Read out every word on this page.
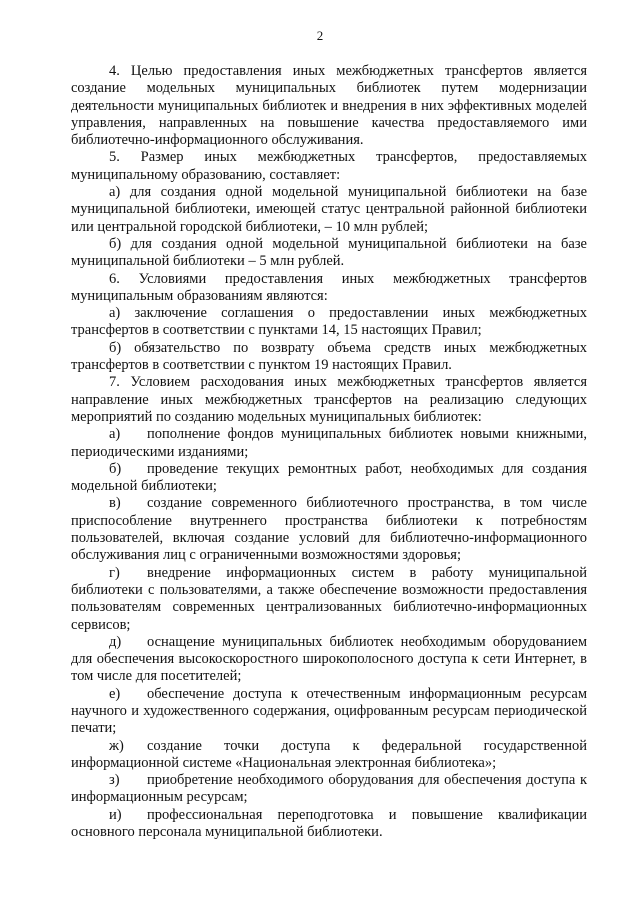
2

4. Целью предоставления иных межбюджетных трансфертов является создание модельных муниципальных библиотек путем модернизации деятельности муниципальных библиотек и внедрения в них эффективных моделей управления, направленных на повышение качества предоставляемого ими библиотечно-информационного обслуживания.

5. Размер иных межбюджетных трансфертов, предоставляемых муниципальному образованию, составляет:

а) для создания одной модельной муниципальной библиотеки на базе муниципальной библиотеки, имеющей статус центральной районной библиотеки или центральной городской библиотеки, – 10 млн рублей;

б) для создания одной модельной муниципальной библиотеки на базе муниципальной библиотеки – 5 млн рублей.

6. Условиями предоставления иных межбюджетных трансфертов муниципальным образованиям являются:

а) заключение соглашения о предоставлении иных межбюджетных трансфертов в соответствии с пунктами 14, 15 настоящих Правил;

б) обязательство по возврату объема средств иных межбюджетных трансфертов в соответствии с пунктом 19 настоящих Правил.

7. Условием расходования иных межбюджетных трансфертов является направление иных межбюджетных трансфертов на реализацию следующих мероприятий по созданию модельных муниципальных библиотек:

а) пополнение фондов муниципальных библиотек новыми книжными, периодическими изданиями;

б) проведение текущих ремонтных работ, необходимых для создания модельной библиотеки;

в) создание современного библиотечного пространства, в том числе приспособление внутреннего пространства библиотеки к потребностям пользователей, включая создание условий для библиотечно-информационного обслуживания лиц с ограниченными возможностями здоровья;

г) внедрение информационных систем в работу муниципальной библиотеки с пользователями, а также обеспечение возможности предоставления пользователям современных централизованных библиотечно-информационных сервисов;

д) оснащение муниципальных библиотек необходимым оборудованием для обеспечения высокоскоростного широкополосного доступа к сети Интернет, в том числе для посетителей;

е) обеспечение доступа к отечественным информационным ресурсам научного и художественного содержания, оцифрованным ресурсам периодической печати;

ж) создание точки доступа к федеральной государственной информационной системе «Национальная электронная библиотека»;

з) приобретение необходимого оборудования для обеспечения доступа к информационным ресурсам;

и) профессиональная переподготовка и повышение квалификации основного персонала муниципальной библиотеки.
